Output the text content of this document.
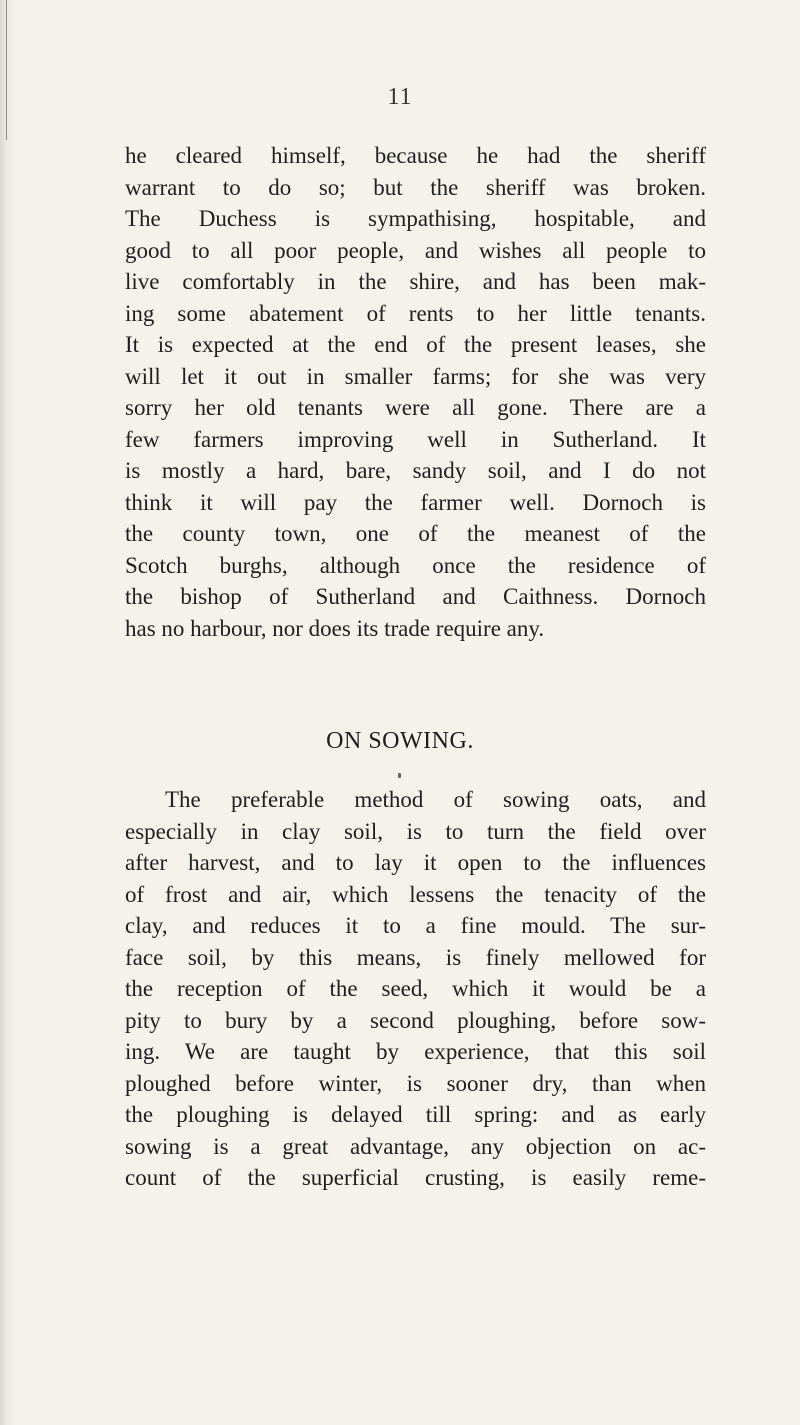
11
he cleared himself, because he had the sheriff
warrant to do so; but the sheriff was broken.
The Duchess is sympathising, hospitable, and
good to all poor people, and wishes all people to
live comfortably in the shire, and has been mak-
ing some abatement of rents to her little tenants.
It is expected at the end of the present leases, she
will let it out in smaller farms; for she was very
sorry her old tenants were all gone. There are a
few farmers improving well in Sutherland. It
is mostly a hard, bare, sandy soil, and I do not
think it will pay the farmer well. Dornoch is
the county town, one of the meanest of the
Scotch burghs, although once the residence of
the bishop of Sutherland and Caithness. Dornoch
has no harbour, nor does its trade require any.
ON SOWING.
The preferable method of sowing oats, and
especially in clay soil, is to turn the field over
after harvest, and to lay it open to the influences
of frost and air, which lessens the tenacity of the
clay, and reduces it to a fine mould. The sur-
face soil, by this means, is finely mellowed for
the reception of the seed, which it would be a
pity to bury by a second ploughing, before sow-
ing. We are taught by experience, that this soil
ploughed before winter, is sooner dry, than when
the ploughing is delayed till spring: and as early
sowing is a great advantage, any objection on ac-
count of the superficial crusting, is easily reme-
